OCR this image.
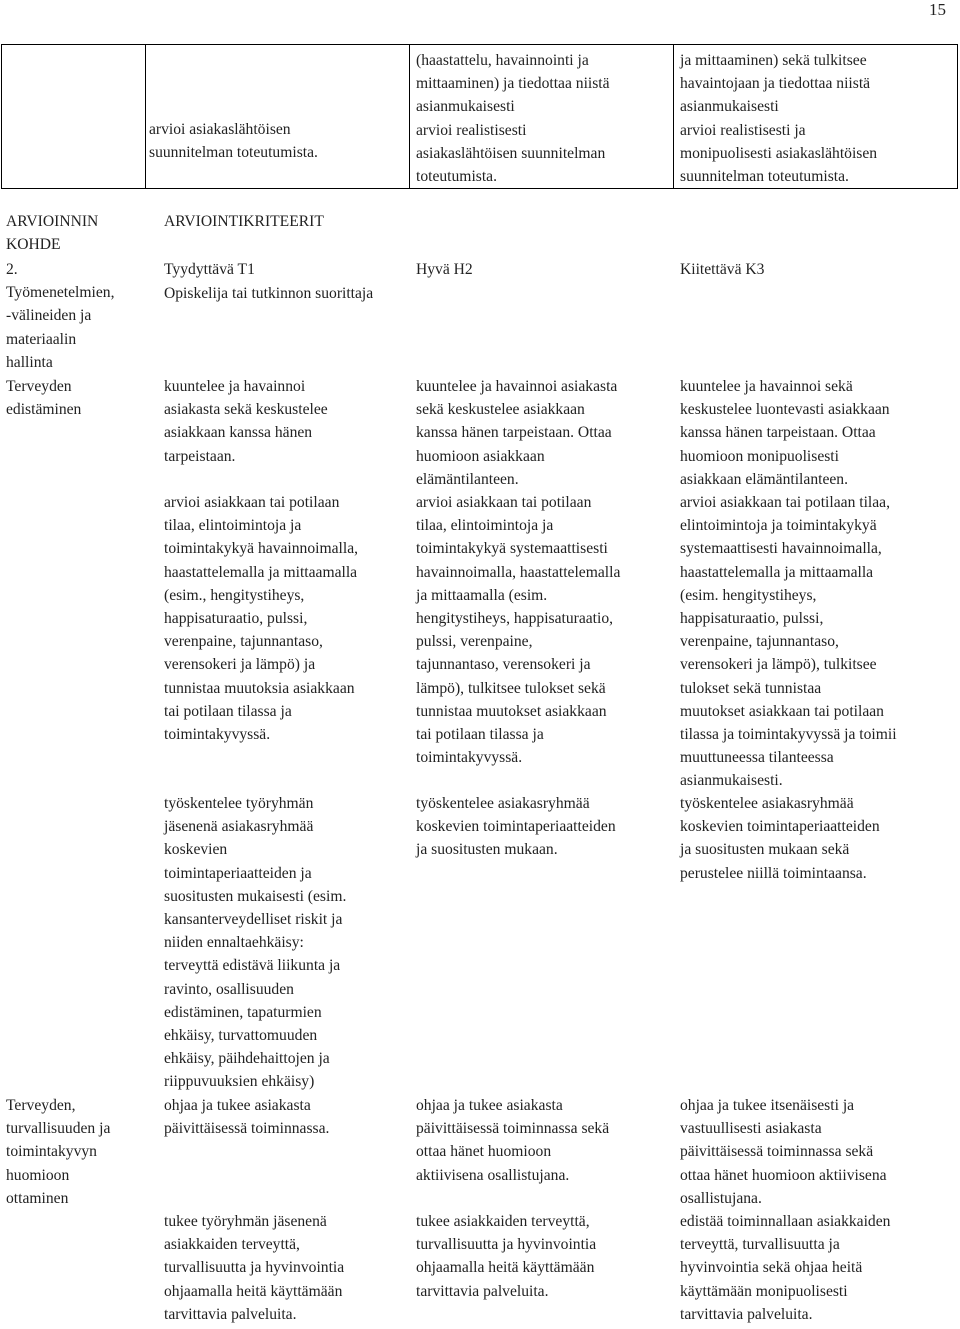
15

arvioi asiakaslähtöisen
suunnitelman toteutumista.

(haastattelu, havainnointi ja
mittaaminen) ja tiedottaa niistä
asianmukaisesti
arvioi realistisesti
asiakaslähtöisen suunnitelman
toteutumista.

ja mittaaminen) sekä tulkitsee
havaintojaan ja tiedottaa niistä
asianmukaisesti
arvioi realistisesti ja
monipuolisesti asiakaslähtöisen
suunnitelman toteutumista.

ARVIOINNIN
KOHDE

ARVIOINTIKRITEERIT

2.
Työmenetelmien,
-välineiden ja
materiaalin
hallinta

Tyydyttävä T1	Hyvä H2	Kiitettävä K3

Opiskelija tai tutkinnon suorittaja

Terveyden
edistäminen

Terveyden,
turvallisuuden ja
toimintakyvyn
huomioon
ottaminen

kuuntelee ja havainnoi
asiakasta sekä keskustelee
asiakkaan kanssa hänen
tarpeistaan.

kuuntelee ja havainnoi asiakasta
sekä keskustelee asiakkaan
kanssa hänen tarpeistaan. Ottaa
huomioon asiakkaan
elämäntilanteen.

kuuntelee ja havainnoi sekä
keskustelee luontevasti asiakkaan
kanssa hänen tarpeistaan. Ottaa
huomioon monipuolisesti
asiakkaan elämäntilanteen.

arvioi asiakkaan tai potilaan
tilaa, elintoimintoja ja
toimintakykyä havainnoimalla,
haastattelemalla ja mittaamalla
(esim., hengitystiheys,
happisaturaatio, pulssi,
verenpaine, tajunnantaso,
verensokeri ja lämpö) ja
tunnistaa muutoksia asiakkaan
tai potilaan tilassa ja
toimintakyvyssä.

arvioi asiakkaan tai potilaan
tilaa, elintoimintoja ja
toimintakykyä systemaattisesti
havainnoimalla, haastattelemalla
ja mittaamalla (esim.
hengitystiheys, happisaturaatio,
pulssi, verenpaine,
tajunnantaso, verensokeri ja
lämpö), tulkitsee tulokset sekä
tunnistaa muutokset asiakkaan
tai potilaan tilassa ja
toimintakyvyssä.

arvioi asiakkaan tai potilaan tilaa,
elintoimintoja ja toimintakykyä
systemaattisesti havainnoimalla,
haastattelemalla ja mittaamalla
(esim. hengitystiheys,
happisaturaatio, pulssi,
verenpaine, tajunnantaso,
verensokeri ja lämpö), tulkitsee
tulokset sekä tunnistaa
muutokset asiakkaan tai potilaan
tilassa ja toimintakyvyssä ja toimii
muuttuneessa tilanteessa
asianmukaisesti.

työskentelee työryhmän
jäsenenä asiakasryhmää
koskevien
toimintaperiaatteiden ja
suositusten mukaisesti (esim.
kansanterveydelliset riskit ja
niiden ennaltaehkäisy:
terveyttä edistävä liikunta ja
ravinto, osallisuuden
edistäminen, tapaturmien
ehkäisy, turvattomuuden
ehkäisy, päihdehaittojen ja
riippuvuuksien ehkäisy)

työskentelee asiakasryhmää
koskevien toimintaperiaatteiden
ja suositusten mukaan.

työskentelee asiakasryhmää
koskevien toimintaperiaatteiden
ja suositusten mukaan sekä
perustelee niillä toimintaansa.

ohjaa ja tukee asiakasta
päivittäisessä toiminnassa.

ohjaa ja tukee asiakasta
päivittäisessä toiminnassa sekä
ottaa hänet huomioon
aktiivisena osallistujana.

ohjaa ja tukee itsenäisesti ja
vastuullisesti asiakasta
päivittäisessä toiminnassa sekä
ottaa hänet huomioon aktiivisena
osallistujana.

tukee työryhmän jäsenenä
asiakkaiden terveyttä,
turvallisuutta ja hyvinvointia
ohjaamalla heitä käyttämään
tarvittavia palveluita.

tukee asiakkaiden terveyttä,
turvallisuutta ja hyvinvointia
ohjaamalla heitä käyttämään
tarvittavia palveluita.

edistää toiminnallaan asiakkaiden
terveyttä, turvallisuutta ja
hyvinvointia sekä ohjaa heitä
käyttämään monipuolisesti
tarvittavia palveluita.
